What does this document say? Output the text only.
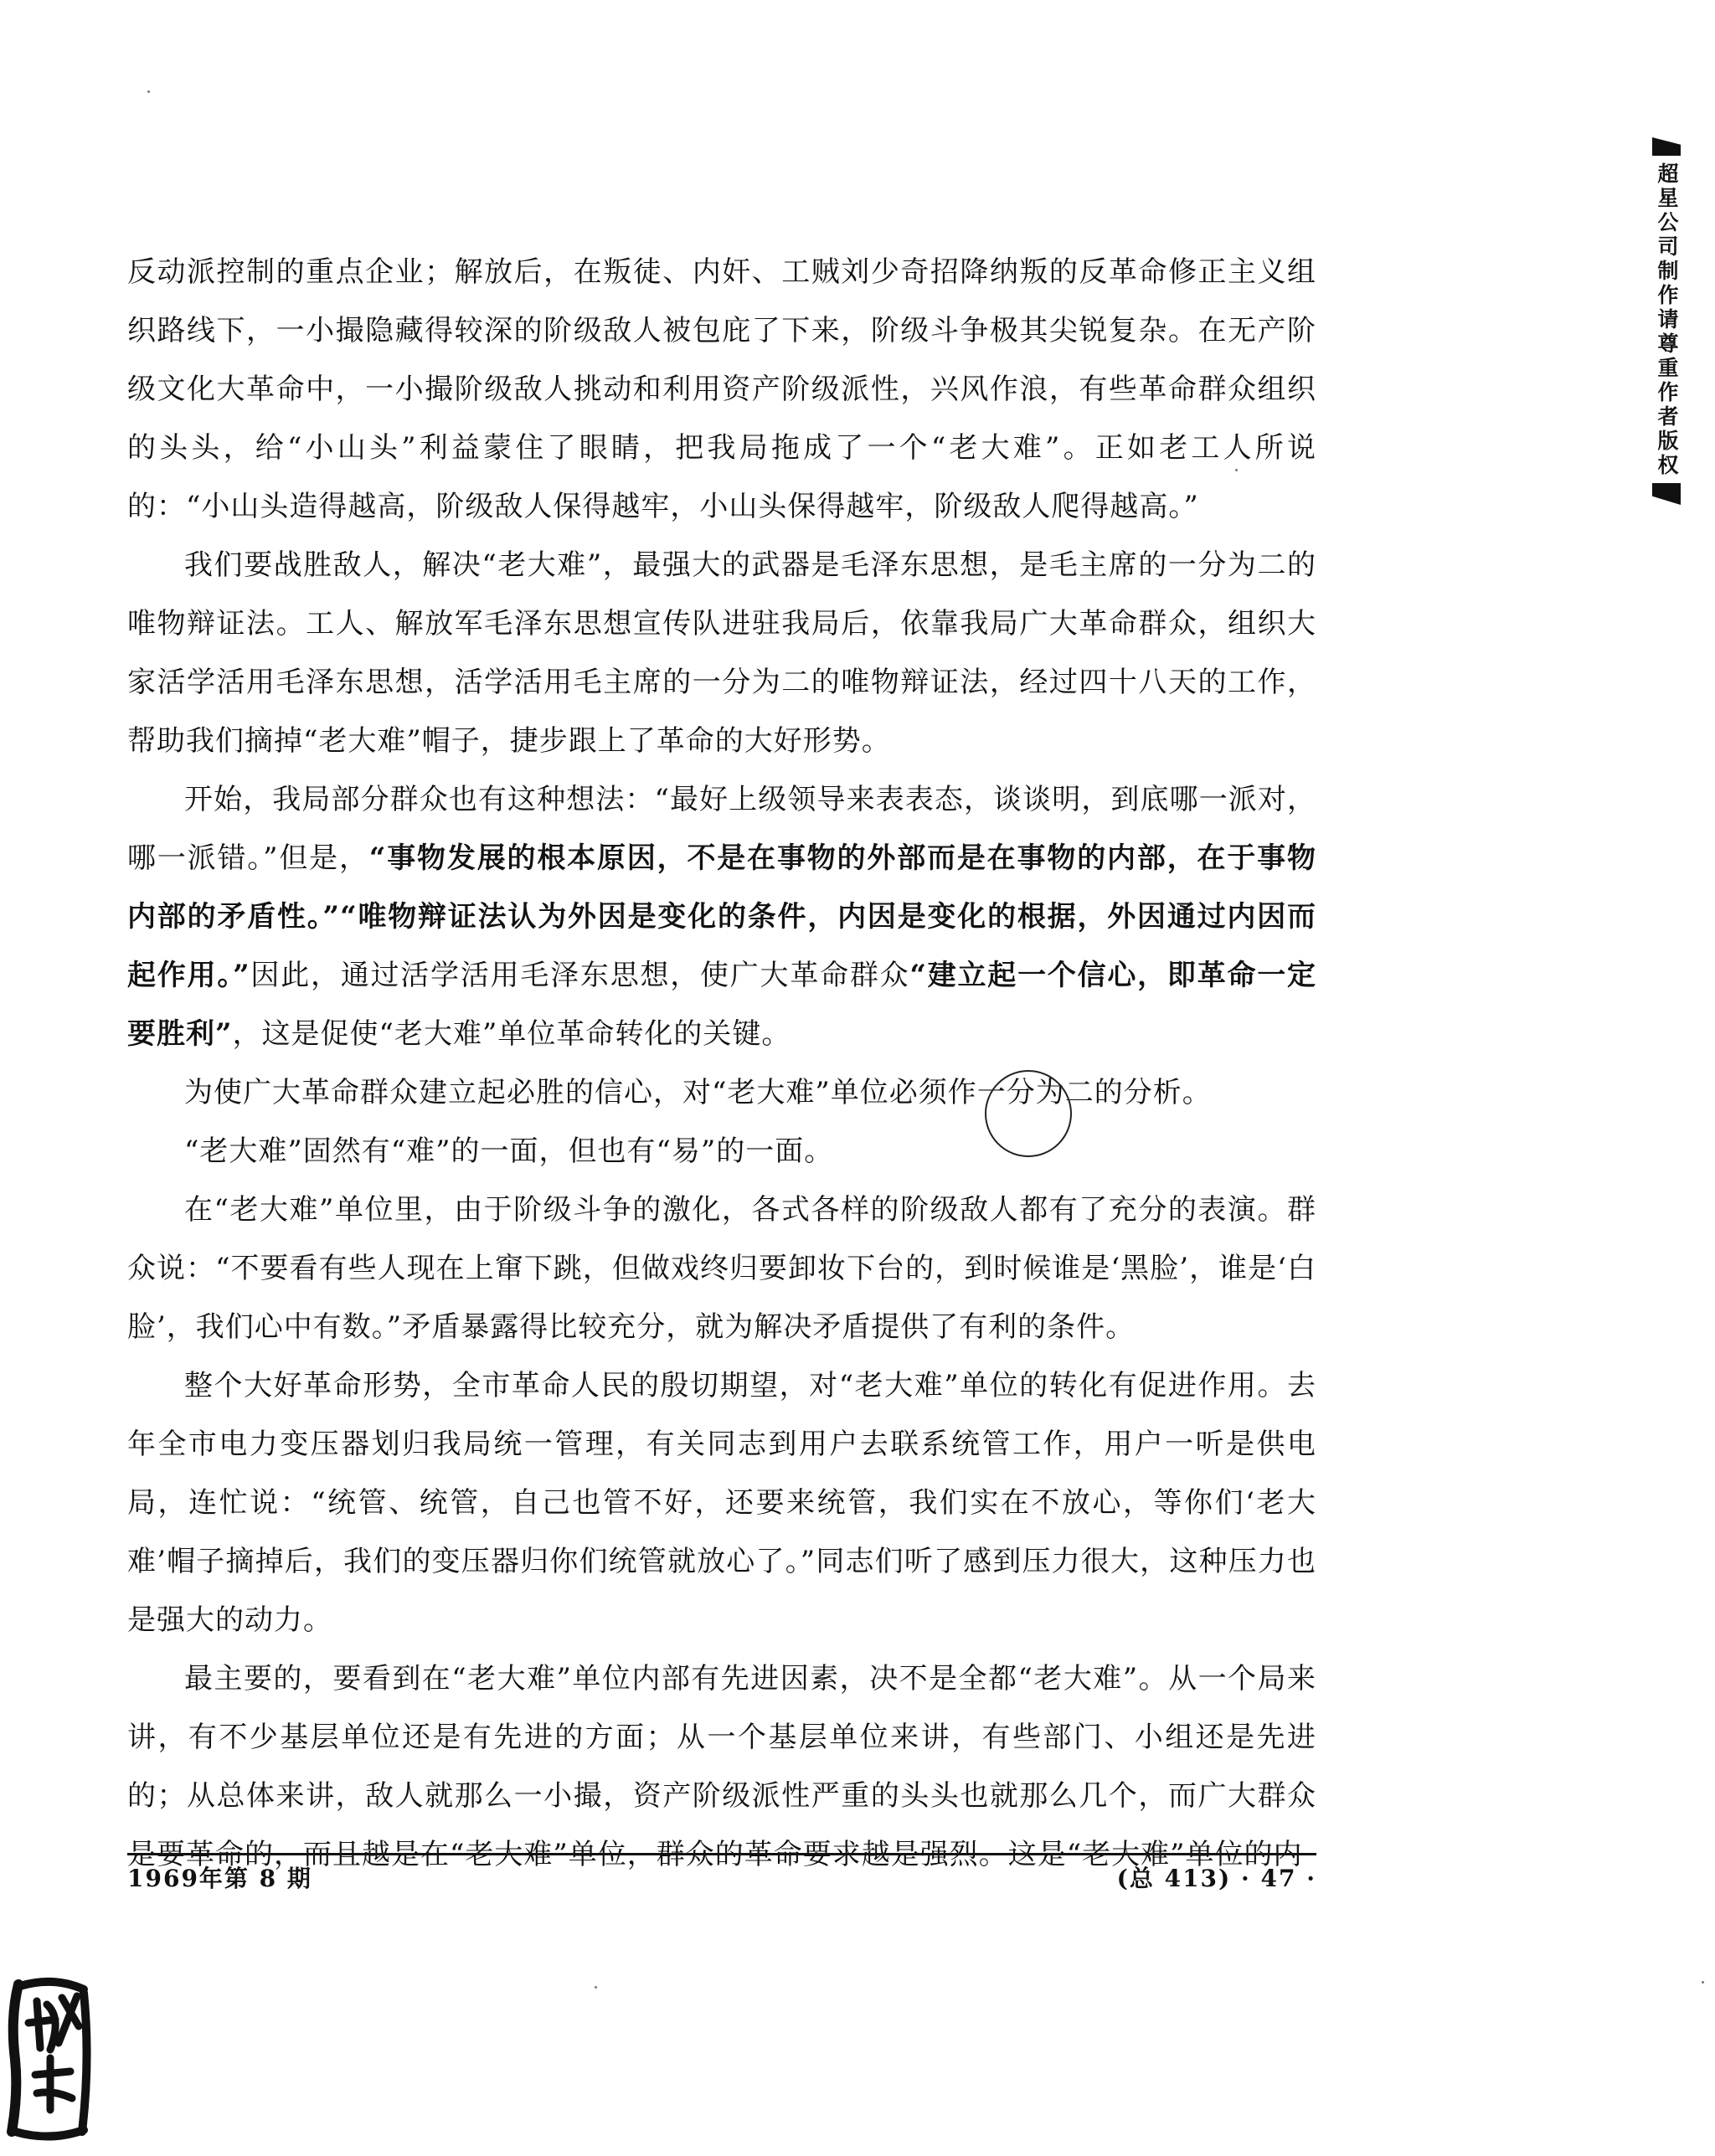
反动派控制的重点企业；解放后，在叛徒、内奸、工贼刘少奇招降纳叛的反革命修正主义组织路线下，一小撮隐藏得较深的阶级敌人被包庇了下来，阶级斗争极其尖锐复杂。在无产阶级文化大革命中，一小撮阶级敌人挑动和利用资产阶级派性，兴风作浪，有些革命群众组织的头头，给“小山头”利益蒙住了眼睛，把我局拖成了一个“老大难”。正如老工人所说的：“小山头造得越高，阶级敌人保得越牢，小山头保得越牢，阶级敌人爬得越高。”

我们要战胜敌人，解决“老大难”，最强大的武器是毛泽东思想，是毛主席的一分为二的唯物辩证法。工人、解放军毛泽东思想宣传队进驻我局后，依靠我局广大革命群众，组织大家活学活用毛泽东思想，活学活用毛主席的一分为二的唯物辩证法，经过四十八天的工作，帮助我们摘掉“老大难”帽子，捷步跟上了革命的大好形势。

开始，我局部分群众也有这种想法：“最好上级领导来表表态，谈谈明，到底哪一派对，哪一派错。”但是，“事物发展的根本原因，不是在事物的外部而是在事物的内部，在于事物内部的矛盾性。”“唯物辩证法认为外因是变化的条件，内因是变化的根据，外因通过内因而起作用。”因此，通过活学活用毛泽东思想，使广大革命群众“建立起一个信心，即革命一定要胜利”，这是促使“老大难”单位革命转化的关键。

为使广大革命群众建立起必胜的信心，对“老大难”单位必须作一分为二的分析。

“老大难”固然有“难”的一面，但也有“易”的一面。

在“老大难”单位里，由于阶级斗争的激化，各式各样的阶级敌人都有了充分的表演。群众说：“不要看有些人现在上窜下跳，但做戏终归要卸妆下台的，到时候谁是‘黑脸’，谁是‘白脸’，我们心中有数。”矛盾暴露得比较充分，就为解决矛盾提供了有利的条件。

整个大好革命形势，全市革命人民的殷切期望，对“老大难”单位的转化有促进作用。去年全市电力变压器划归我局统一管理，有关同志到用户去联系统管工作，用户一听是供电局，连忙说：“统管、统管，自己也管不好，还要来统管，我们实在不放心，等你们‘老大难’帽子摘掉后，我们的变压器归你们统管就放心了。”同志们听了感到压力很大，这种压力也是强大的动力。

最主要的，要看到在“老大难”单位内部有先进因素，决不是全都“老大难”。从一个局来讲，有不少基层单位还是有先进的方面；从一个基层单位来讲，有些部门、小组还是先进的；从总体来讲，敌人就那么一小撮，资产阶级派性严重的头头也就那么几个，而广大群众是要革命的，而且越是在“老大难”单位，群众的革命要求越是强烈。这是“老大难”单位的内

1969年第 8 期	(总 413) · 47 ·
超星公司制作请尊重作者版权
